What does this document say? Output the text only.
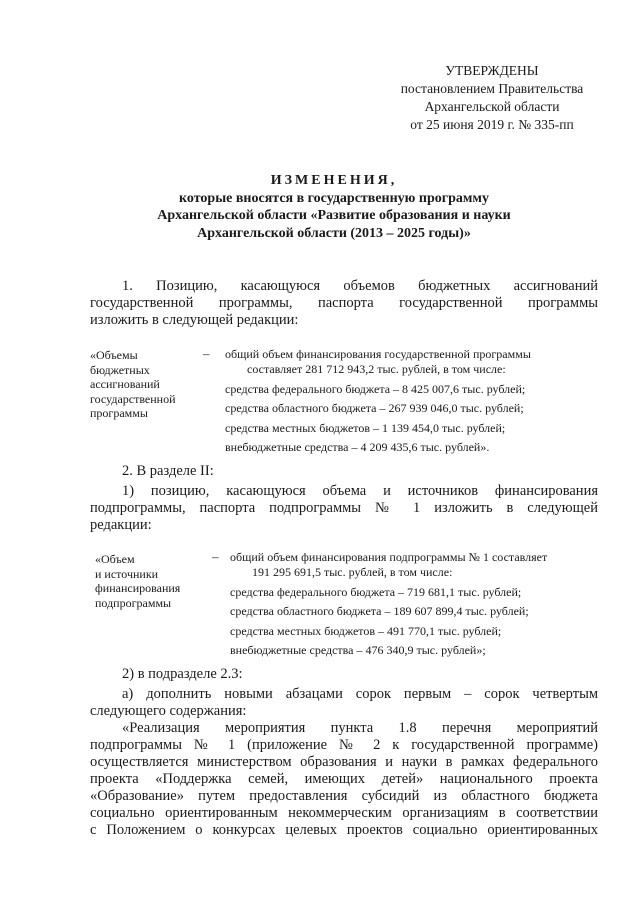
УТВЕРЖДЕНЫ
постановлением Правительства
Архангельской области
от 25 июня 2019 г. № 335-пп
ИЗМЕНЕНИЯ,
которые вносятся в государственную программу
Архангельской области «Развитие образования и науки
Архангельской области (2013 – 2025 годы)»
1. Позицию, касающуюся объемов бюджетных ассигнований
государственной программы, паспорта государственной программы
изложить в следующей редакции:
«Объемы
бюджетных
ассигнований
государственной
программы
– общий объем финансирования государственной программы
составляет 281 712 943,2 тыс. рублей, в том числе:
средства федерального бюджета – 8 425 007,6 тыс. рублей;
средства областного бюджета – 267 939 046,0 тыс. рублей;
средства местных бюджетов – 1 139 454,0 тыс. рублей;
внебюджетные средства – 4 209 435,6 тыс. рублей».
2. В разделе II:
1) позицию, касающуюся объема и источников финансирования
подпрограммы, паспорта подпрограммы № 1 изложить в следующей
редакции:
«Объем
и источники
финансирования
подпрограммы
– общий объем финансирования подпрограммы № 1 составляет
191 295 691,5 тыс. рублей, в том числе:
средства федерального бюджета – 719 681,1 тыс. рублей;
средства областного бюджета – 189 607 899,4 тыс. рублей;
средства местных бюджетов – 491 770,1 тыс. рублей;
внебюджетные средства – 476 340,9 тыс. рублей»;
2) в подразделе 2.3:
а) дополнить новыми абзацами сорок первым – сорок четвертым
следующего содержания:
«Реализация мероприятия пункта 1.8 перечня мероприятий
подпрограммы № 1 (приложение № 2 к государственной программе)
осуществляется министерством образования и науки в рамках федерального
проекта «Поддержка семей, имеющих детей» национального проекта
«Образование» путем предоставления субсидий из областного бюджета
социально ориентированным некоммерческим организациям в соответствии
с Положением о конкурсах целевых проектов социально ориентированных
